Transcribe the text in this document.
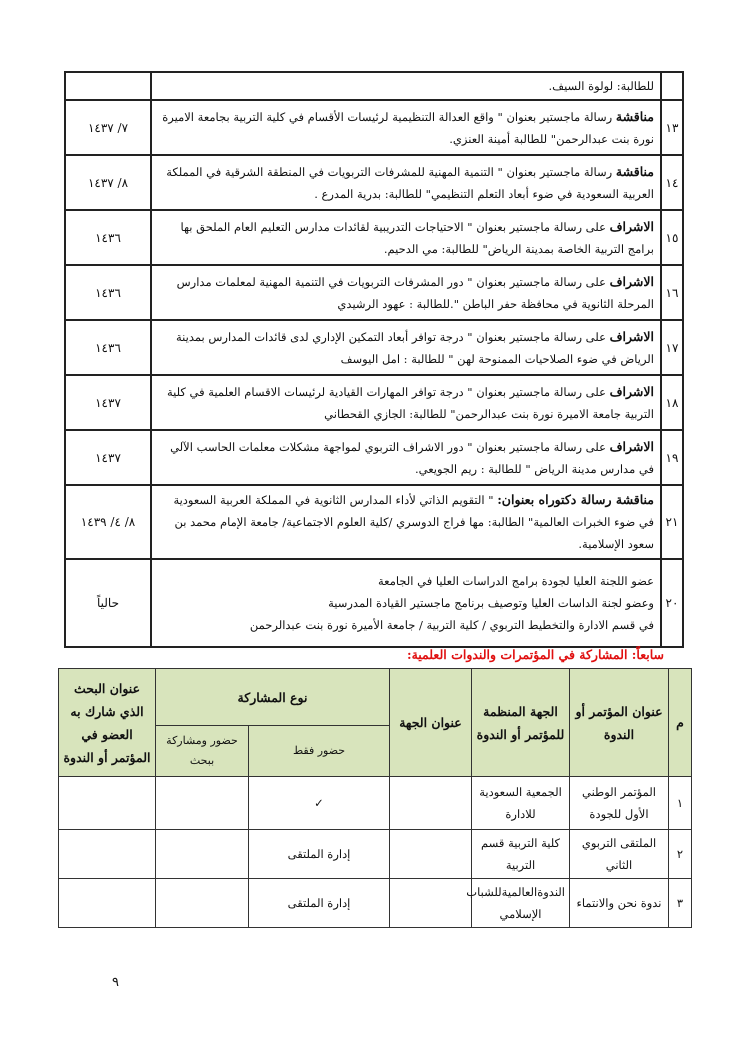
	للطالبة: لولوة السيف.	
١٣	مناقشة رسالة ماجستير بعنوان " واقع العدالة التنظيمية لرئيسات الأقسام في كلية التربية بجامعة الاميرة نورة بنت عبدالرحمن" للطالبة أمينة العنزي.	٧/ ١٤٣٧
١٤	مناقشة رسالة ماجستير بعنوان " التنمية المهنية للمشرفات التربويات في المنطقة الشرقية في المملكة العربية السعودية في ضوء أبعاد التعلم التنظيمي" للطالبة: بدرية المدرع .	٨/ ١٤٣٧
١٥	الاشراف على رسالة ماجستير بعنوان " الاحتياجات التدريبية لقائدات مدارس التعليم العام الملحق بها برامج التربية الخاصة بمدينة الرياض" للطالبة: مي الدحيم.	١٤٣٦
١٦	الاشراف على رسالة ماجستير بعنوان " دور المشرفات التربويات في التنمية المهنية لمعلمات مدارس المرحلة الثانوية في محافظة حفر الباطن ".للطالبة : عهود الرشيدي	١٤٣٦
١٧	الاشراف على رسالة ماجستير بعنوان " درجة توافر أبعاد التمكين الإداري لدى قائدات المدارس بمدينة الرياض في ضوء الصلاحيات الممنوحة لهن " للطالبة : امل اليوسف	١٤٣٦
١٨	الاشراف على رسالة ماجستير بعنوان " درجة توافر المهارات القيادية لرئيسات الاقسام العلمية في كلية التربية جامعة الاميرة نورة بنت عبدالرحمن" للطالبة: الجازي القحطاني	١٤٣٧
١٩	الاشراف على رسالة ماجستير بعنوان " دور الاشراف التربوي لمواجهة مشكلات معلمات الحاسب الآلي في مدارس مدينة الرياض " للطالبة : ريم الجويعي.	١٤٣٧
٢١	مناقشة رسالة دكتوراه بعنوان: " التقويم الذاتي لأداء المدارس الثانوية في المملكة العربية السعودية في ضوء الخبرات العالمية" الطالبة: مها فراج الدوسري /كلية العلوم الاجتماعية/ جامعة الإمام محمد بن سعود الإسلامية.	٨/ ٤/ ١٤٣٩
٢٠	عضو اللجنة العليا لجودة برامج الدراسات العليا في الجامعة
وعضو لجنة الداسات العليا وتوصيف برنامج ماجستير القيادة المدرسية
في قسم الادارة والتخطيط التربوي / كلية التربية / جامعة الأميرة نورة بنت عبدالرحمن	حالياً
سابعاً: المشاركة في المؤتمرات والندوات العلمية:
م	عنوان المؤتمر أو الندوة	الجهة المنظمة للمؤتمر أو الندوة	عنوان الجهة	نوع المشاركة		عنوان البحث الذي شارك به العضو في المؤتمر أو الندوة
				حضور فقط	حضور ومشاركة ببحث	
١	المؤتمر الوطني الأول للجودة	الجمعية السعودية للادارة		✓		
٢	الملتقى التربوي الثاني	كلية التربية قسم التربية		إدارة الملتقى		
٣	ندوة نحن والانتماء	الندوةالعالميةللشباب الإسلامي		إدارة الملتقى		
٩
